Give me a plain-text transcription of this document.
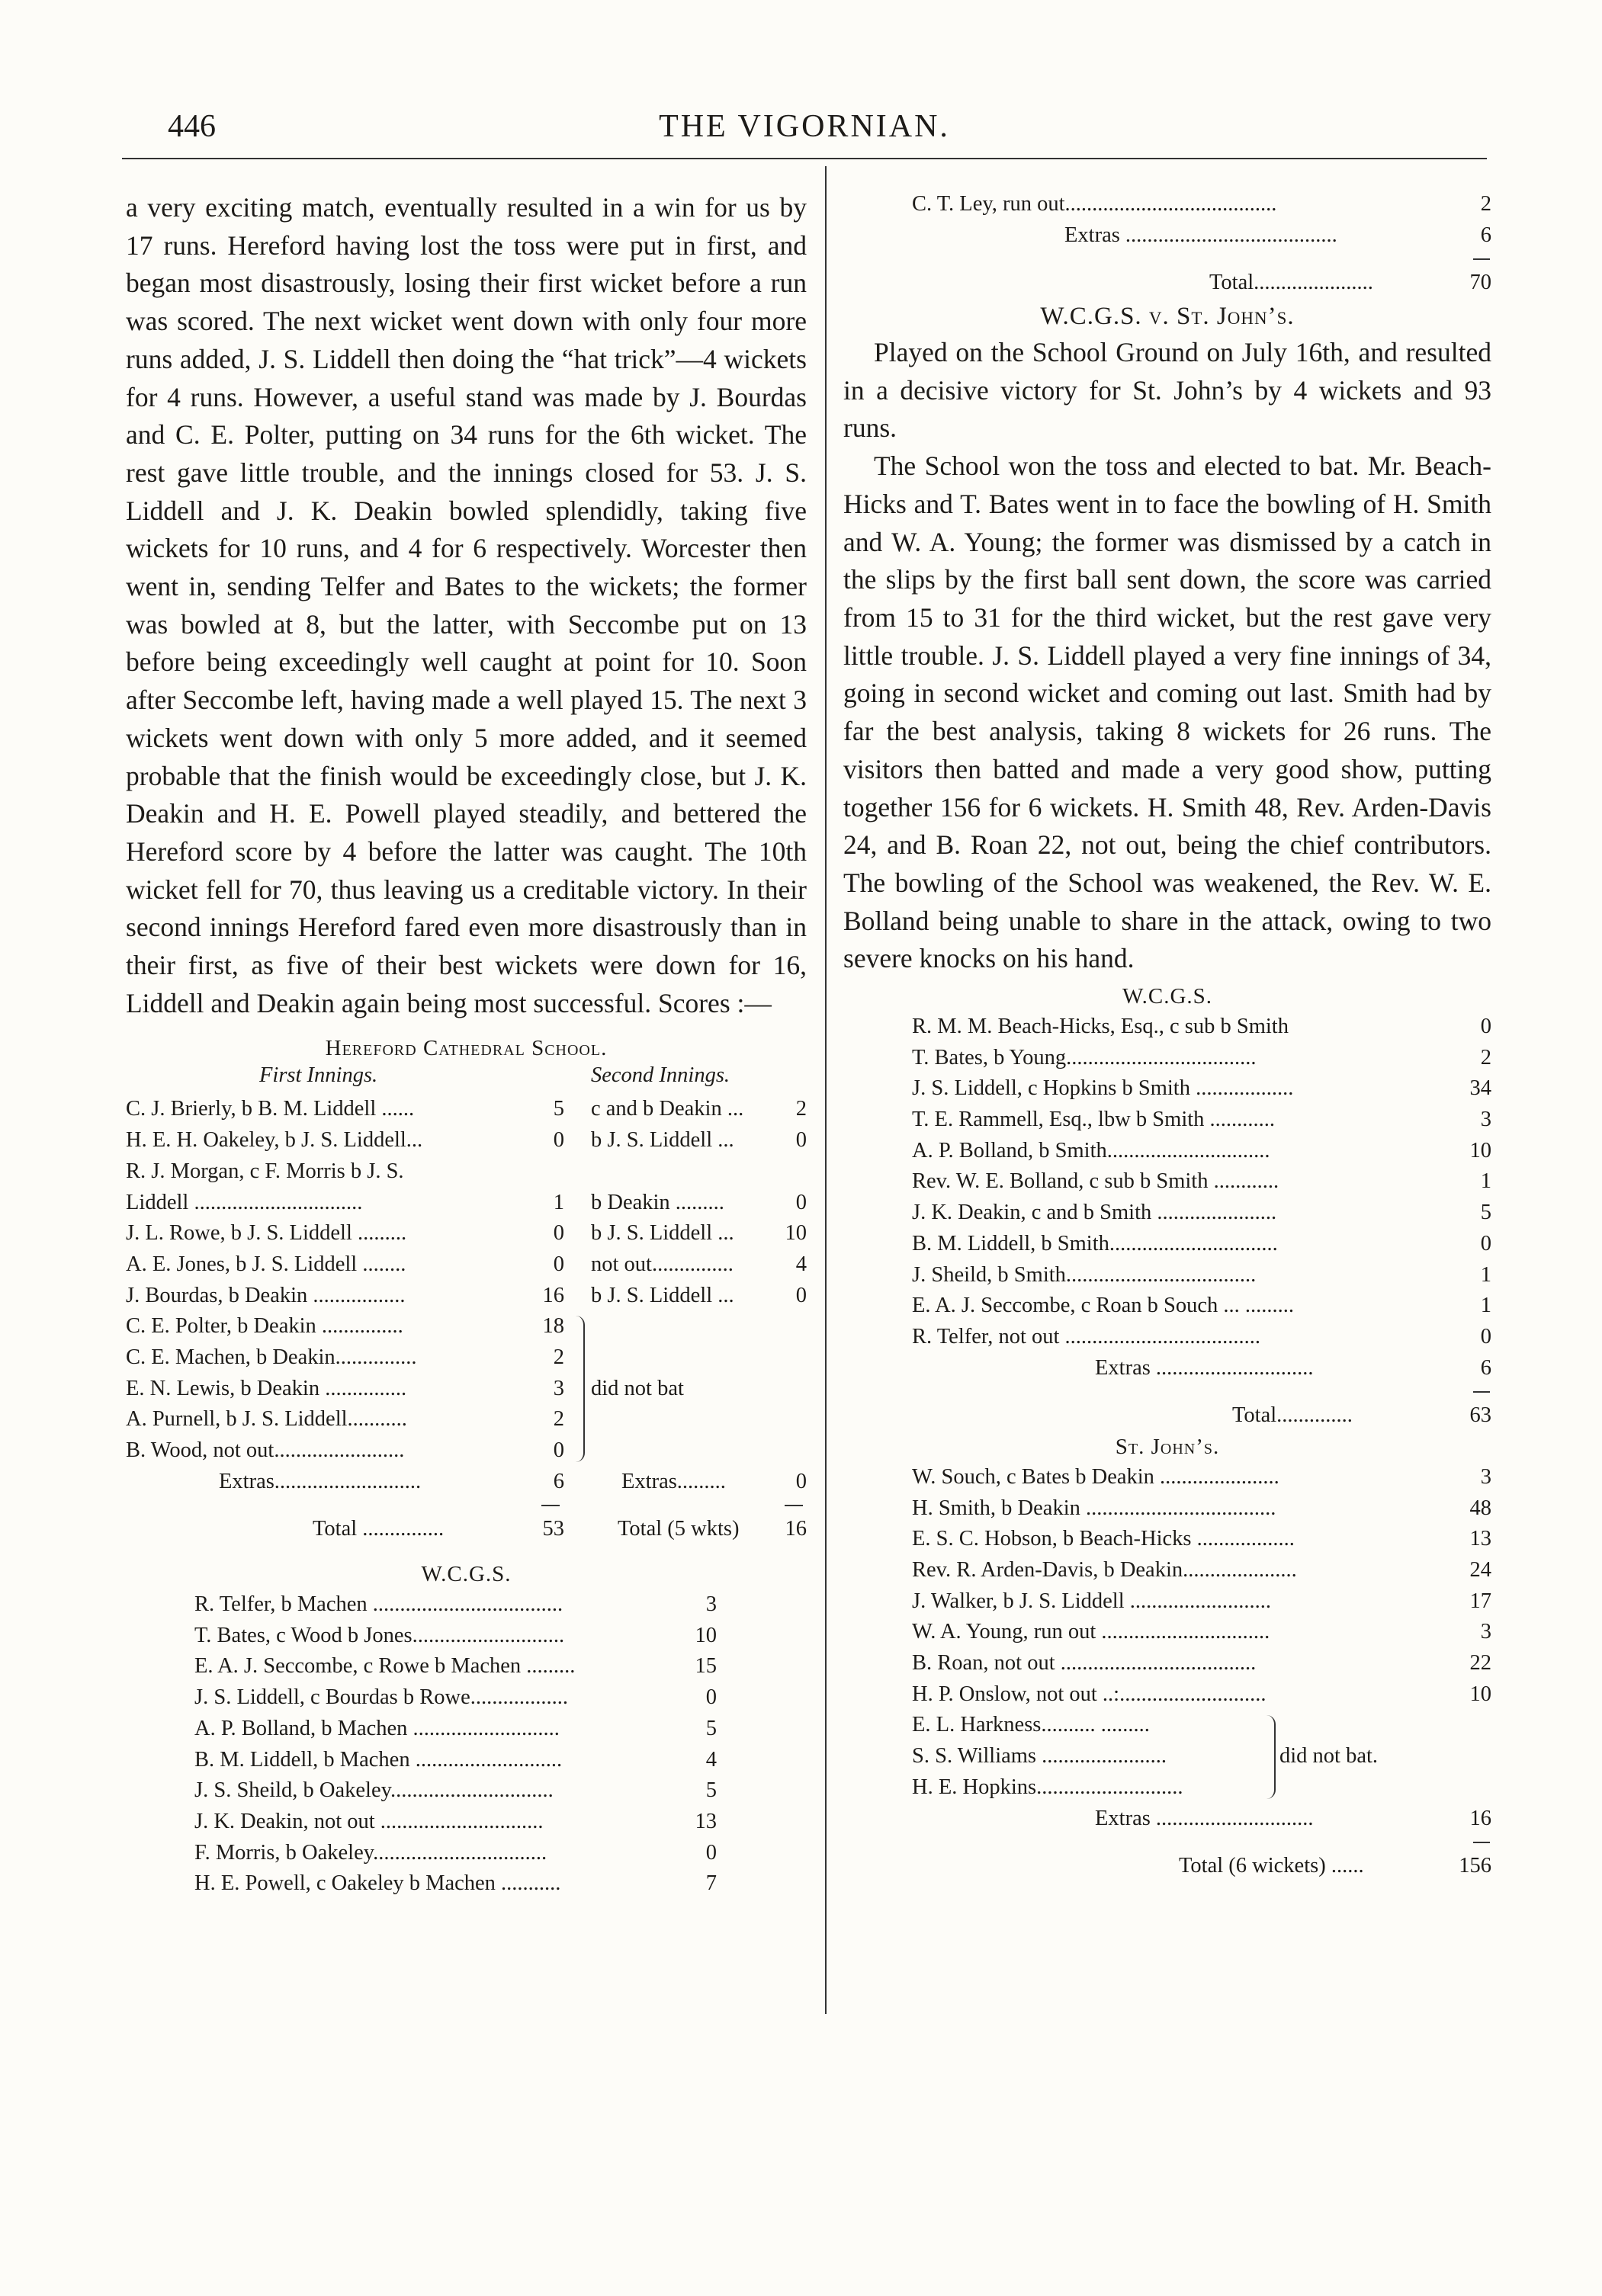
446	THE VIGORNIAN.

a very exciting match, eventually resulted in a win for us by 17 runs. Hereford having lost the toss were put in first, and began most disastrously, losing their first wicket before a run was scored. The next wicket went down with only four more runs added, J. S. Liddell then doing the “hat trick”—4 wickets for 4 runs. However, a useful stand was made by J. Bourdas and C. E. Polter, putting on 34 runs for the 6th wicket. The rest gave little trouble, and the innings closed for 53. J. S. Liddell and J. K. Deakin bowled splendidly, taking five wickets for 10 runs, and 4 for 6 respectively. Worcester then went in, sending Telfer and Bates to the wickets; the former was bowled at 8, but the latter, with Seccombe put on 13 before being exceedingly well caught at point for 10. Soon after Seccombe left, having made a well played 15. The next 3 wickets went down with only 5 more added, and it seemed probable that the finish would be exceedingly close, but J. K. Deakin and H. E. Powell played steadily, and bettered the Hereford score by 4 before the latter was caught. The 10th wicket fell for 70, thus leaving us a creditable victory. In their second innings Hereford fared even more disastrously than in their first, as five of their best wickets were down for 16, Liddell and Deakin again being most successful. Scores :—

Hereford Cathedral School.
First Innings.	Second Innings.
C. J. Brierly, b B. M. Liddell ......	5 c and b Deakin ...	2
H. E. H. Oakeley, b J. S. Liddell...	0 b J. S. Liddell ...	0
R. J. Morgan, c F. Morris b J. S.
Liddell ...............................	1 b Deakin .........	0
J. L. Rowe, b J. S. Liddell .........	0 b J. S. Liddell ...	10
A. E. Jones, b J. S. Liddell ........	0 not out...............	4
J. Bourdas, b Deakin .................	16 b J. S. Liddell ...	0
C. E. Polter, b Deakin ...............	18
C. E. Machen, b Deakin...............	2
E. N. Lewis, b Deakin ...............	3
A. Purnell, b J. S. Liddell...........	2
B. Wood, not out........................	0
did not bat
Extras...........................	6	Extras.........	0
Total ...............	53 Total (5 wkts)	16
W.C.G.S.
R. Telfer, b Machen ...................................	3
T. Bates, c Wood b Jones............................	10
E. A. J. Seccombe, c Rowe b Machen .........	15
J. S. Liddell, c Bourdas b Rowe..................	0
A. P. Bolland, b Machen ...........................	5
B. M. Liddell, b Machen ...........................	4
J. S. Sheild, b Oakeley..............................	5
J. K. Deakin, not out ..............................	13
F. Morris, b Oakeley................................	0
H. E. Powell, c Oakeley b Machen ...........	7
C. T. Ley, run out.......................................	2
Extras .......................................	6
Total......................	70
W.C.G.S. v. St. John’s.

Played on the School Ground on July 16th, and resulted in a decisive victory for St. John’s by 4 wickets and 93 runs.

The School won the toss and elected to bat. Mr. Beach-Hicks and T. Bates went in to face the bowling of H. Smith and W. A. Young; the former was dismissed by a catch in the slips by the first ball sent down, the score was carried from 15 to 31 for the third wicket, but the rest gave very little trouble. J. S. Liddell played a very fine innings of 34, going in second wicket and coming out last. Smith had by far the best analysis, taking 8 wickets for 26 runs. The visitors then batted and made a very good show, putting together 156 for 6 wickets. H. Smith 48, Rev. Arden-Davis 24, and B. Roan 22, not out, being the chief contributors. The bowling of the School was weakened, the Rev. W. E. Bolland being unable to share in the attack, owing to two severe knocks on his hand.

W.C.G.S.
R. M. M. Beach-Hicks, Esq., c sub b Smith	0
T. Bates, b Young...................................	2
J. S. Liddell, c Hopkins b Smith ..................	34
T. E. Rammell, Esq., lbw b Smith ............	3
A. P. Bolland, b Smith..............................	10
Rev. W. E. Bolland, c sub b Smith ............	1
J. K. Deakin, c and b Smith ......................	5
B. M. Liddell, b Smith...............................	0
J. Sheild, b Smith...................................	1
E. A. J. Seccombe, c Roan b Souch ... .........	1
R. Telfer, not out ....................................	0
Extras .............................	6
Total..............	63
St. John’s.
W. Souch, c Bates b Deakin ......................	3
H. Smith, b Deakin ...................................	48
E. S. C. Hobson, b Beach-Hicks ..................	13
Rev. R. Arden-Davis, b Deakin.....................	24
J. Walker, b J. S. Liddell ..........................	17
W. A. Young, run out ...............................	3
B. Roan, not out ....................................	22
H. P. Onslow, not out ..:...........................	10
E. L. Harkness.......... .........
S. S. Williams .......................
H. E. Hopkins...........................
did not bat.
Extras .............................	16
Total (6 wickets) ......	156
